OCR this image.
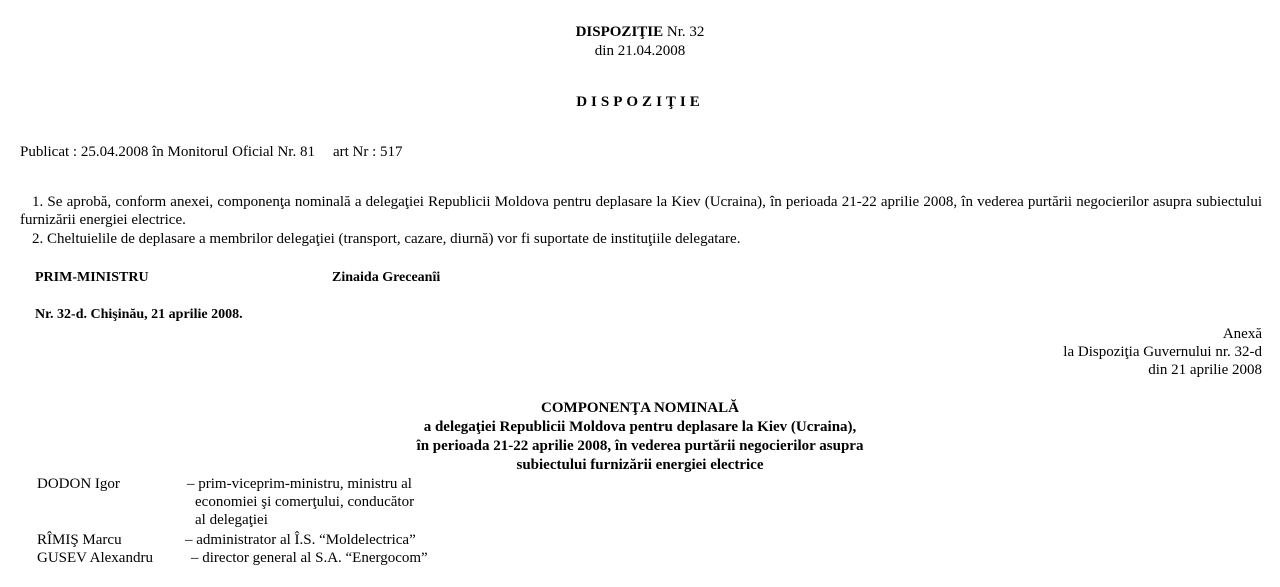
DISPOZIŢIE Nr. 32
din 21.04.2008
DISPOZIŢIE
Publicat : 25.04.2008 în Monitorul Oficial Nr. 81 art Nr : 517
1. Se aprobă, conform anexei, componenţa nominală a delegaţiei Republicii Moldova pentru deplasare la Kiev (Ucraina), în perioada 21-22 aprilie 2008, în vederea purtării negocierilor asupra subiectului furnizării energiei electrice.
2. Cheltuielile de deplasare a membrilor delegaţiei (transport, cazare, diurnă) vor fi suportate de instituţiile delegatare.
PRIM-MINISTRU	Zinaida Greceanîi
Nr. 32-d. Chişinău, 21 aprilie 2008.
Anexă
la Dispoziţia Guvernului nr. 32-d
din 21 aprilie 2008
COMPONENŢA NOMINALĂ
a delegaţiei Republicii Moldova pentru deplasare la Kiev (Ucraina),
în perioada 21-22 aprilie 2008, în vederea purtării negocierilor asupra
subiectului furnizării energiei electrice
DODON Igor	– prim-viceprim-ministru, ministru al
economiei şi comerţului, conducător
al delegaţiei
RÎMIŞ Marcu	– administrator al Î.S. “Moldelectrica”
GUSEV Alexandru	– director general al S.A. “Energocom”
